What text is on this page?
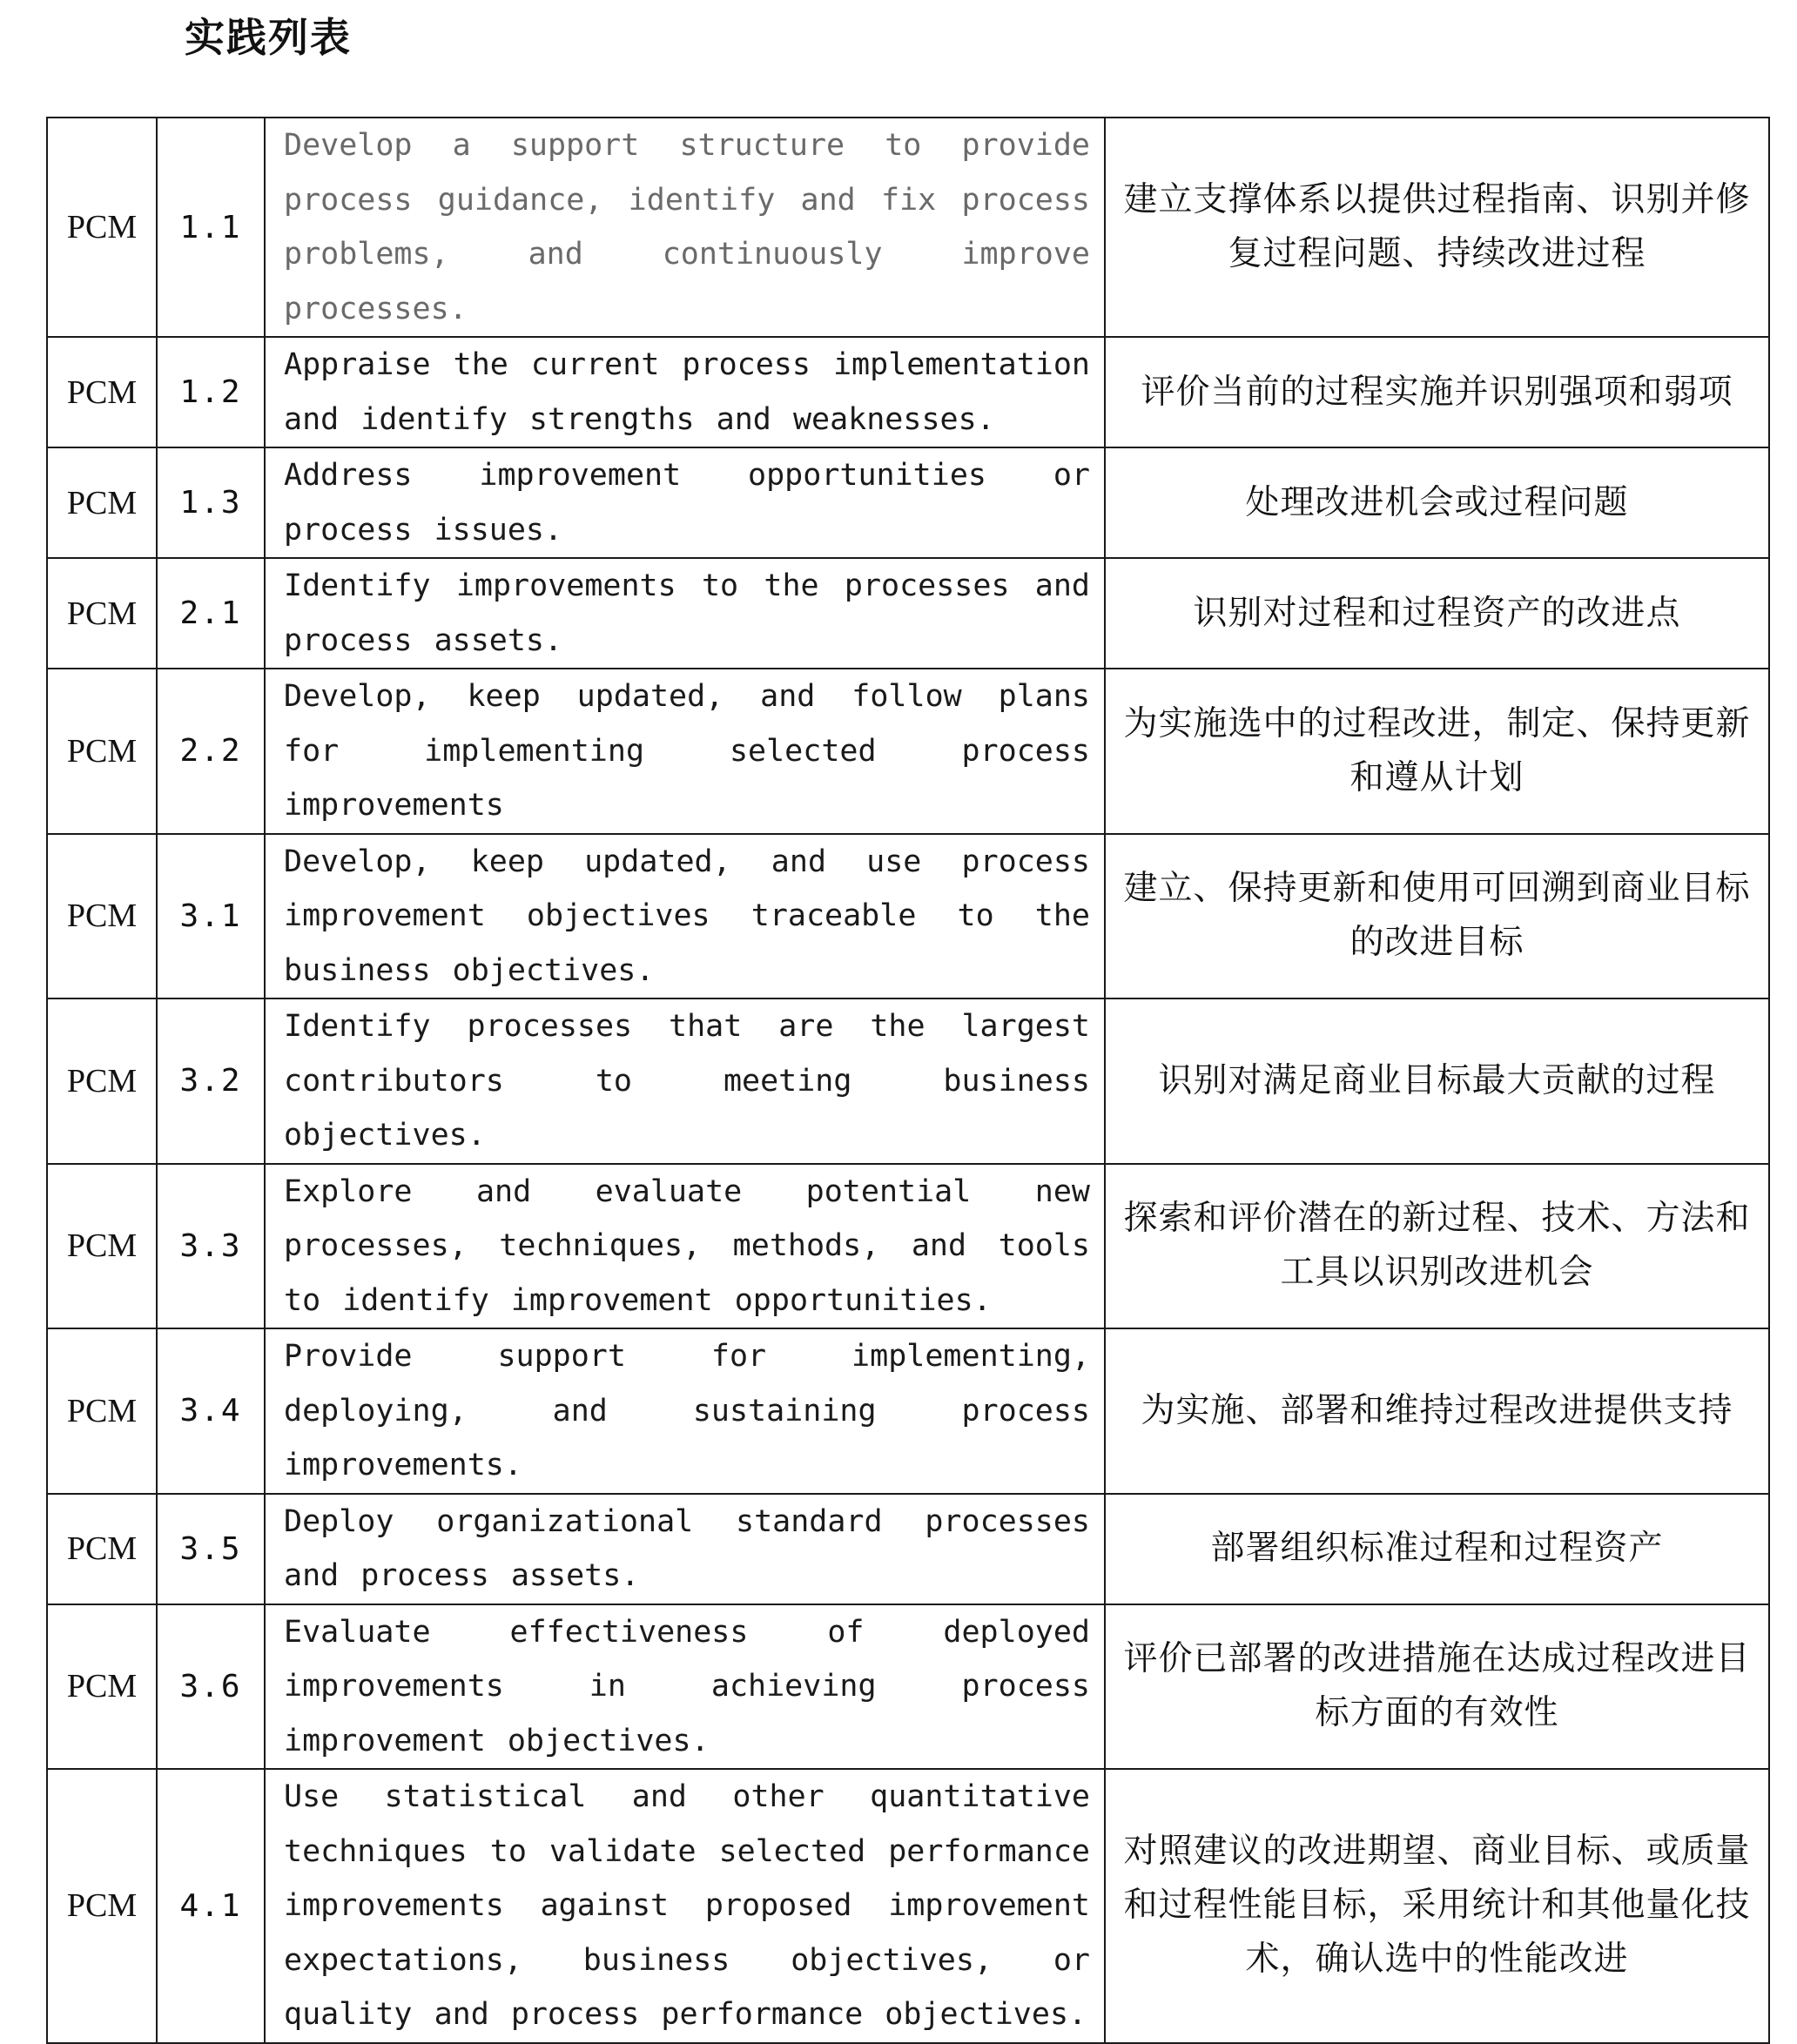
实践列表
PCM	1.1	Develop a support structure to provide process guidance, identify and fix process problems, and continuously improve processes.	建立支撑体系以提供过程指南、识别并修复过程问题、持续改进过程
PCM	1.2	Appraise the current process implementation and identify strengths and weaknesses.	评价当前的过程实施并识别强项和弱项
PCM	1.3	Address improvement opportunities or process issues.	处理改进机会或过程问题
PCM	2.1	Identify improvements to the processes and process assets.	识别对过程和过程资产的改进点
PCM	2.2	Develop, keep updated, and follow plans for implementing selected process improvements	为实施选中的过程改进，制定、保持更新和遵从计划
PCM	3.1	Develop, keep updated, and use process improvement objectives traceable to the business objectives.	建立、保持更新和使用可回溯到商业目标的改进目标
PCM	3.2	Identify processes that are the largest contributors to meeting business objectives.	识别对满足商业目标最大贡献的过程
PCM	3.3	Explore and evaluate potential new processes, techniques, methods, and tools to identify improvement opportunities.	探索和评价潜在的新过程、技术、方法和工具以识别改进机会
PCM	3.4	Provide support for implementing, deploying, and sustaining process improvements.	为实施、部署和维持过程改进提供支持
PCM	3.5	Deploy organizational standard processes and process assets.	部署组织标准过程和过程资产
PCM	3.6	Evaluate effectiveness of deployed improvements in achieving process improvement objectives.	评价已部署的改进措施在达成过程改进目标方面的有效性
PCM	4.1	Use statistical and other quantitative techniques to validate selected performance improvements against proposed improvement expectations, business objectives, or quality and process performance objectives.	对照建议的改进期望、商业目标、或质量和过程性能目标，采用统计和其他量化技术，确认选中的性能改进
